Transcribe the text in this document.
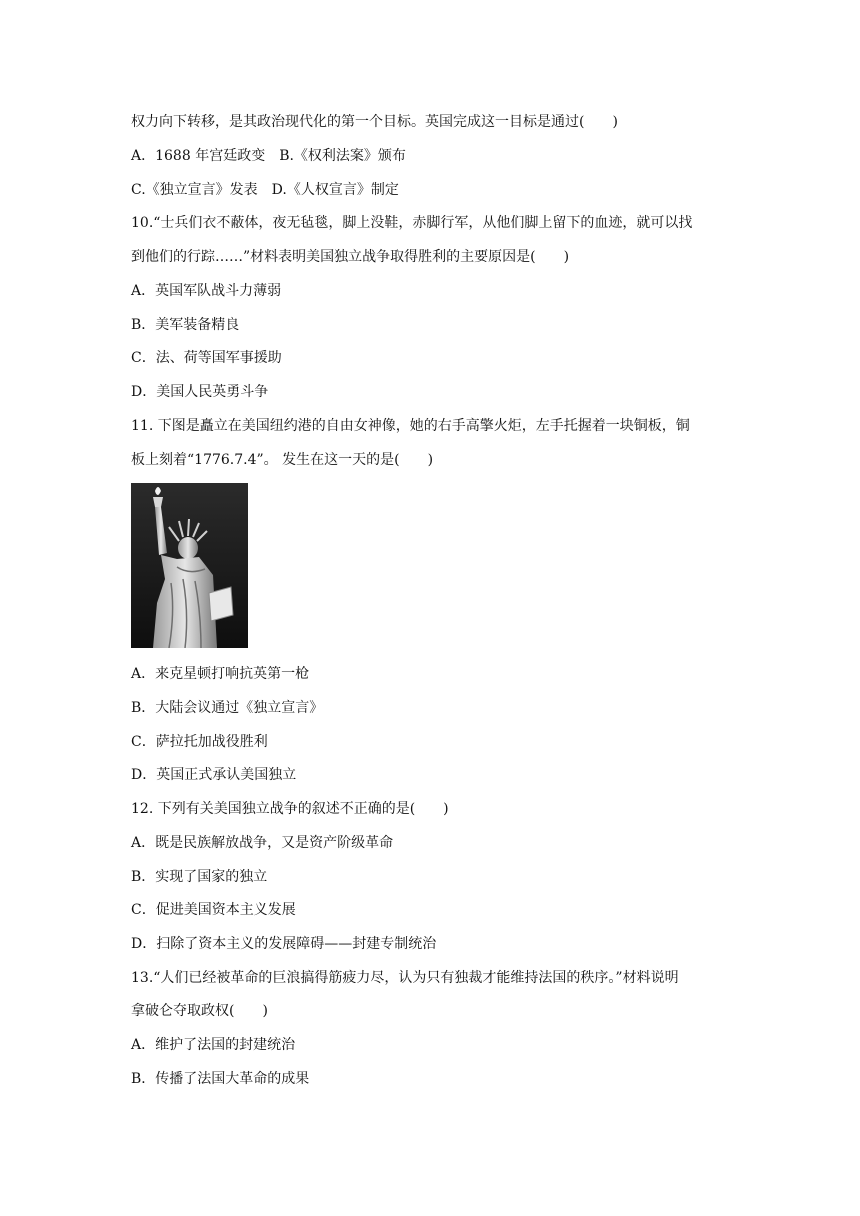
权力向下转移，是其政治现代化的第一个目标。英国完成这一目标是通过(　　)
A．1688 年宫廷政变　B.《权利法案》颁布
C.《独立宣言》发表　D.《人权宣言》制定
10.“士兵们衣不蔽体，夜无毡毯，脚上没鞋，赤脚行军，从他们脚上留下的血迹，就可以找
到他们的行踪……”材料表明美国独立战争取得胜利的主要原因是(　　)
A．英国军队战斗力薄弱
B．美军装备精良
C．法、荷等国军事援助
D．美国人民英勇斗争
11. 下图是矗立在美国纽约港的自由女神像，她的右手高擎火炬，左手托握着一块铜板，铜
板上刻着“1776.7.4”。 发生在这一天的是(　　)
A．来克星顿打响抗英第一枪
B．大陆会议通过《独立宣言》
C．萨拉托加战役胜利
D．英国正式承认美国独立
12. 下列有关美国独立战争的叙述不正确的是(　　)
A．既是民族解放战争，又是资产阶级革命
B．实现了国家的独立
C．促进美国资本主义发展
D．扫除了资本主义的发展障碍——封建专制统治
13.“人们已经被革命的巨浪搞得筋疲力尽，认为只有独裁才能维持法国的秩序。”材料说明
拿破仑夺取政权(　　)
A．维护了法国的封建统治
B．传播了法国大革命的成果
